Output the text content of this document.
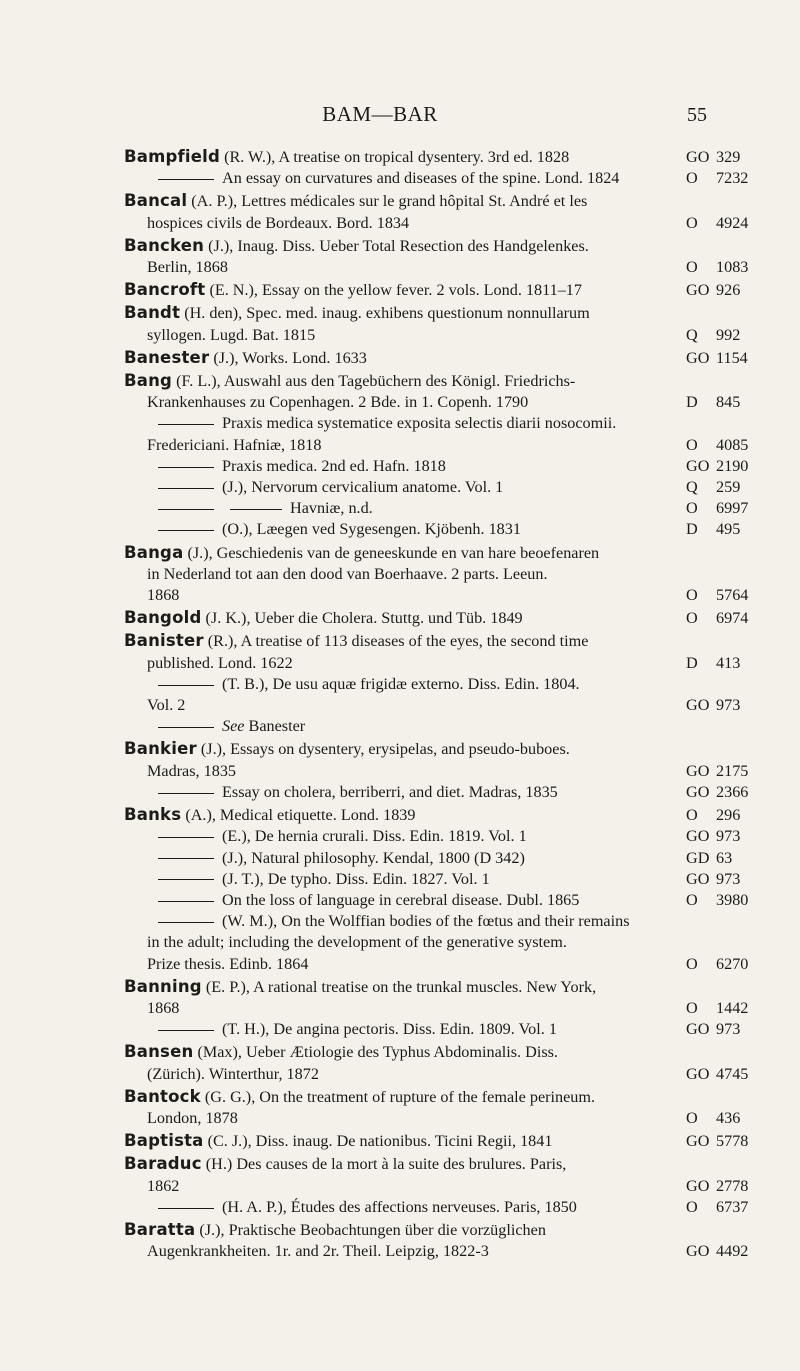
BAM—BAR	55
Bampfield (R. W.), A treatise on tropical dysentery. 3rd ed. 1828	GO 329
An essay on curvatures and diseases of the spine. Lond. 1824	O	7232
Bancal (A. P.), Lettres médicales sur le grand hôpital St. André et les
hospices civils de Bordeaux. Bord. 1834	O	4924
Bancken (J.), Inaug. Diss. Ueber Total Resection des Handgelenkes.
Berlin, 1868	O	1083
Bancroft (E. N.), Essay on the yellow fever. 2 vols. Lond. 1811–17	GO 926
Bandt (H. den), Spec. med. inaug. exhibens questionum nonnullarum
syllogen. Lugd. Bat. 1815	Q	992
Banester (J.), Works. Lond. 1633	GO 1154
Bang (F. L.), Auswahl aus den Tagebüchern des Königl. Friedrichs-
Krankenhauses zu Copenhagen. 2 Bde. in 1. Copenh. 1790	D	845
Praxis medica systematice exposita selectis diarii nosocomii.
Fredericiani. Hafniæ, 1818	O	4085
Praxis medica. 2nd ed. Hafn. 1818	GO 2190
(J.), Nervorum cervicalium anatome. Vol. 1	Q	259
Havniæ, n.d.	O	6997
(O.), Læegen ved Sygesengen. Kjöbenh. 1831	D	495
Banga (J.), Geschiedenis van de geneeskunde en van hare beoefenaren
in Nederland tot aan den dood van Boerhaave. 2 parts. Leeun.
1868	O	5764
Bangold (J. K.), Ueber die Cholera. Stuttg. und Tüb. 1849	O	6974
Banister (R.), A treatise of 113 diseases of the eyes, the second time
published. Lond. 1622	D	413
(T. B.), De usu aquæ frigidæ externo. Diss. Edin. 1804.
Vol. 2	GO 973
See Banester
Bankier (J.), Essays on dysentery, erysipelas, and pseudo-buboes.
Madras, 1835	GO 2175
Essay on cholera, berriberri, and diet. Madras, 1835	GO 2366
Banks (A.), Medical etiquette. Lond. 1839	O	296
(E.), De hernia crurali. Diss. Edin. 1819. Vol. 1	GO 973
(J.), Natural philosophy. Kendal, 1800 (D 342)	GD 63
(J. T.), De typho. Diss. Edin. 1827. Vol. 1	GO 973
On the loss of language in cerebral disease. Dubl. 1865	O	3980
(W. M.), On the Wolffian bodies of the fœtus and their remains
in the adult; including the development of the generative system.
Prize thesis. Edinb. 1864	O	6270
Banning (E. P.), A rational treatise on the trunkal muscles. New York,
1868	O	1442
(T. H.), De angina pectoris. Diss. Edin. 1809. Vol. 1	GO 973
Bansen (Max), Ueber Ætiologie des Typhus Abdominalis. Diss.
(Zürich). Winterthur, 1872	GO 4745
Bantock (G. G.), On the treatment of rupture of the female perineum.
London, 1878	O	436
Baptista (C. J.), Diss. inaug. De nationibus. Ticini Regii, 1841	GO 5778
Baraduc (H.) Des causes de la mort à la suite des brulures. Paris,
1862	GO 2778
(H. A. P.), Études des affections nerveuses. Paris, 1850	O	6737
Baratta (J.), Praktische Beobachtungen über die vorzüglichen
Augenkrankheiten. 1r. and 2r. Theil. Leipzig, 1822-3	GO 4492
